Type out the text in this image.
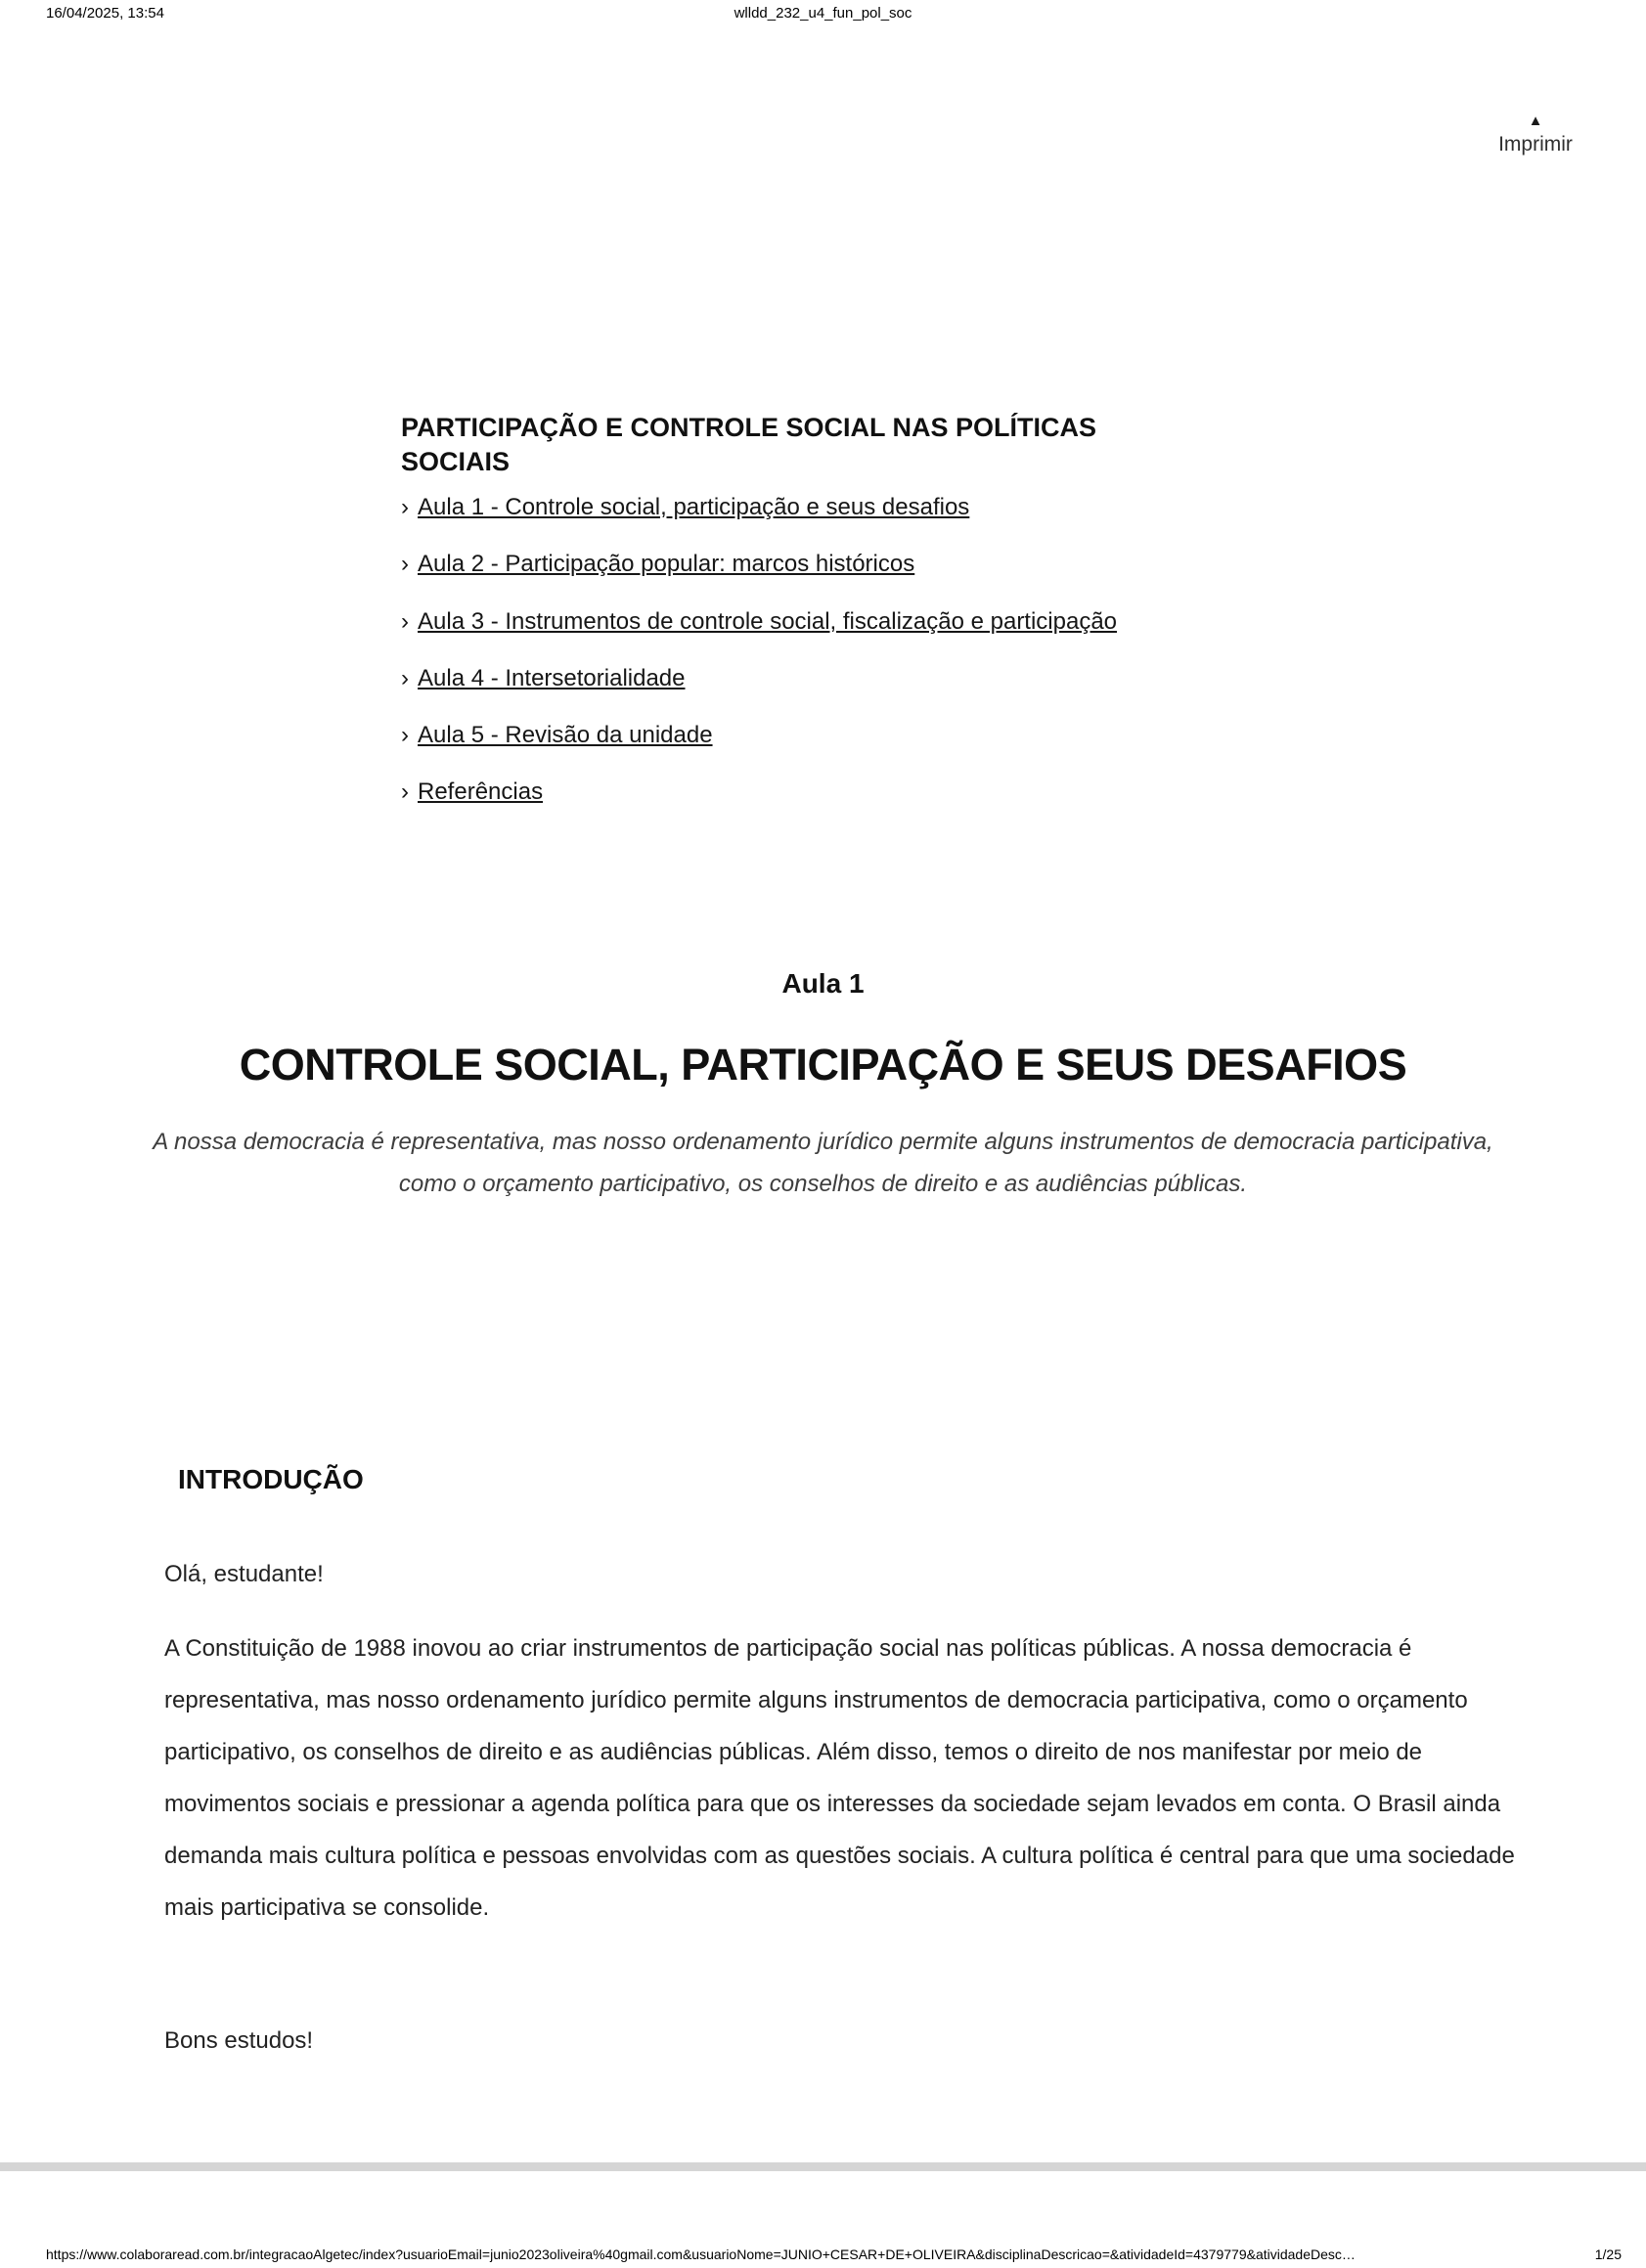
16/04/2025, 13:54	wlldd_232_u4_fun_pol_soc
▲
Imprimir
PARTICIPAÇÃO E CONTROLE SOCIAL NAS POLÍTICAS SOCIAIS
› Aula 1 - Controle social, participação e seus desafios
› Aula 2 - Participação popular: marcos históricos
› Aula 3 - Instrumentos de controle social, fiscalização e participação
› Aula 4 - Intersetorialidade
› Aula 5 - Revisão da unidade
› Referências
Aula 1
CONTROLE SOCIAL, PARTICIPAÇÃO E SEUS DESAFIOS
A nossa democracia é representativa, mas nosso ordenamento jurídico permite alguns instrumentos de democracia participativa, como o orçamento participativo, os conselhos de direito e as audiências públicas.
INTRODUÇÃO

Olá, estudante!

A Constituição de 1988 inovou ao criar instrumentos de participação social nas políticas públicas. A nossa democracia é representativa, mas nosso ordenamento jurídico permite alguns instrumentos de democracia participativa, como o orçamento participativo, os conselhos de direito e as audiências públicas. Além disso, temos o direito de nos manifestar por meio de movimentos sociais e pressionar a agenda política para que os interesses da sociedade sejam levados em conta. O Brasil ainda demanda mais cultura política e pessoas envolvidas com as questões sociais. A cultura política é central para que uma sociedade mais participativa se consolide.

Bons estudos!

https://www.colaboraread.com.br/integracaoAlgetec/index?usuarioEmail=junio2023oliveira%40gmail.com&usuarioNome=JUNIO+CESAR+DE+OLIVEIRA&disciplinaDescricao=&atividadeId=4379779&atividadeDesc…	1/25
